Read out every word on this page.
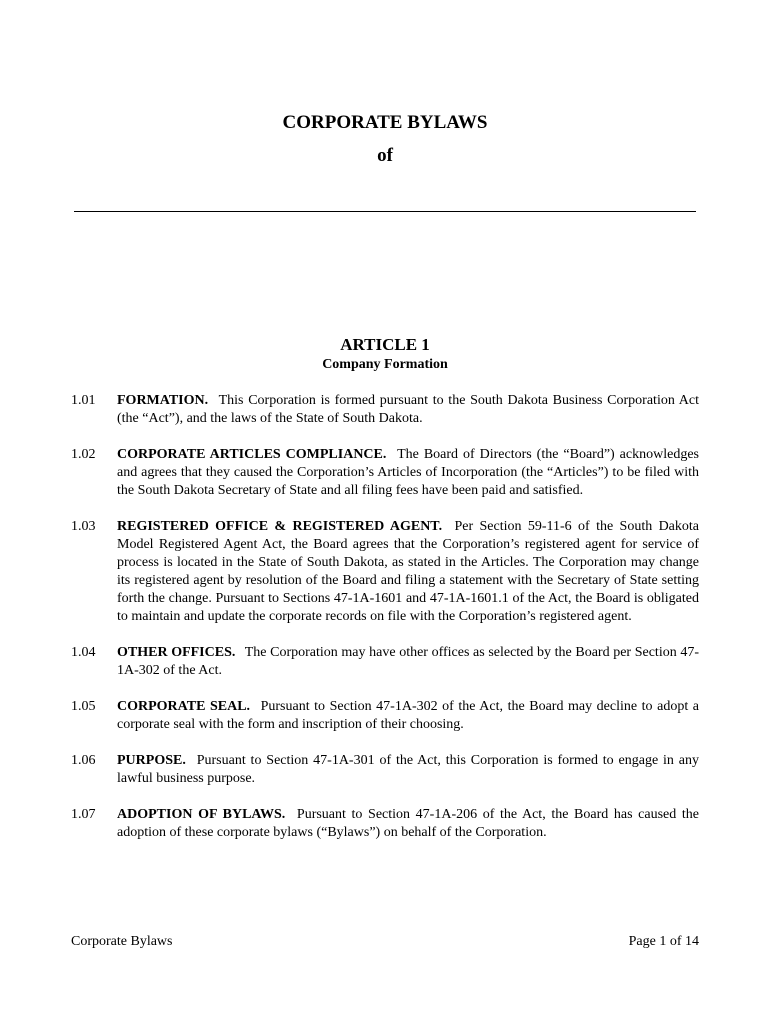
CORPORATE BYLAWS
of
ARTICLE 1
Company Formation
1.01	FORMATION. This Corporation is formed pursuant to the South Dakota Business Corporation Act (the “Act”), and the laws of the State of South Dakota.
1.02	CORPORATE ARTICLES COMPLIANCE. The Board of Directors (the “Board”) acknowledges and agrees that they caused the Corporation’s Articles of Incorporation (the “Articles”) to be filed with the South Dakota Secretary of State and all filing fees have been paid and satisfied.
1.03	REGISTERED OFFICE & REGISTERED AGENT. Per Section 59-11-6 of the South Dakota Model Registered Agent Act, the Board agrees that the Corporation’s registered agent for service of process is located in the State of South Dakota, as stated in the Articles. The Corporation may change its registered agent by resolution of the Board and filing a statement with the Secretary of State setting forth the change. Pursuant to Sections 47-1A-1601 and 47-1A-1601.1 of the Act, the Board is obligated to maintain and update the corporate records on file with the Corporation’s registered agent.
1.04	OTHER OFFICES. The Corporation may have other offices as selected by the Board per Section 47-1A-302 of the Act.
1.05	CORPORATE SEAL. Pursuant to Section 47-1A-302 of the Act, the Board may decline to adopt a corporate seal with the form and inscription of their choosing.
1.06	PURPOSE. Pursuant to Section 47-1A-301 of the Act, this Corporation is formed to engage in any lawful business purpose.
1.07	ADOPTION OF BYLAWS. Pursuant to Section 47-1A-206 of the Act, the Board has caused the adoption of these corporate bylaws (“Bylaws”) on behalf of the Corporation.
Corporate Bylaws	Page 1 of 14
